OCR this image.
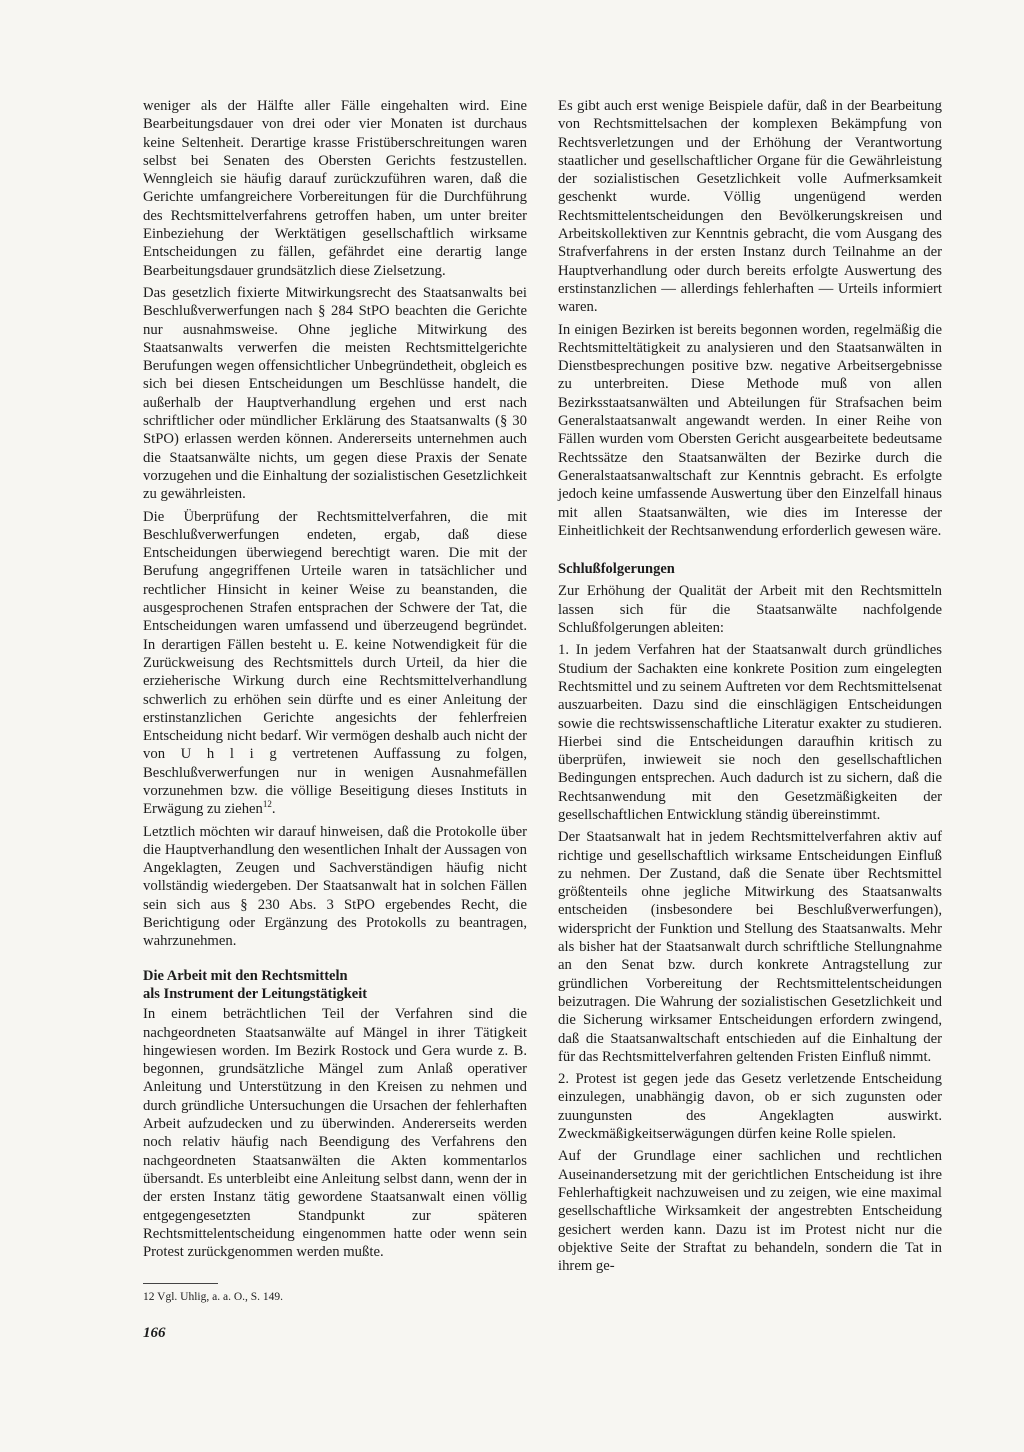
weniger als der Hälfte aller Fälle eingehalten wird. Eine Bearbeitungsdauer von drei oder vier Monaten ist durchaus keine Seltenheit. Derartige krasse Fristüberschreitungen waren selbst bei Senaten des Obersten Gerichts festzustellen. Wenngleich sie häufig darauf zurückzuführen waren, daß die Gerichte umfangreichere Vorbereitungen für die Durchführung des Rechtsmittelverfahrens getroffen haben, um unter breiter Einbeziehung der Werktätigen gesellschaftlich wirksame Entscheidungen zu fällen, gefährdet eine derartig lange Bearbeitungsdauer grundsätzlich diese Zielsetzung.

Das gesetzlich fixierte Mitwirkungsrecht des Staatsanwalts bei Beschlußverwerfungen nach § 284 StPO beachten die Gerichte nur ausnahmsweise. Ohne jegliche Mitwirkung des Staatsanwalts verwerfen die meisten Rechtsmittelgerichte Berufungen wegen offensichtlicher Unbegründetheit, obgleich es sich bei diesen Entscheidungen um Beschlüsse handelt, die außerhalb der Hauptverhandlung ergehen und erst nach schriftlicher oder mündlicher Erklärung des Staatsanwalts (§ 30 StPO) erlassen werden können. Andererseits unternehmen auch die Staatsanwälte nichts, um gegen diese Praxis der Senate vorzugehen und die Einhaltung der sozialistischen Gesetzlichkeit zu gewährleisten.

Die Überprüfung der Rechtsmittelverfahren, die mit Beschlußverwerfungen endeten, ergab, daß diese Entscheidungen überwiegend berechtigt waren. Die mit der Berufung angegriffenen Urteile waren in tatsächlicher und rechtlicher Hinsicht in keiner Weise zu beanstanden, die ausgesprochenen Strafen entsprachen der Schwere der Tat, die Entscheidungen waren umfassend und überzeugend begründet. In derartigen Fällen besteht u. E. keine Notwendigkeit für die Zurückweisung des Rechtsmittels durch Urteil, da hier die erzieherische Wirkung durch eine Rechtsmittelverhandlung schwerlich zu erhöhen sein dürfte und es einer Anleitung der erstinstanzlichen Gerichte angesichts der fehlerfreien Entscheidung nicht bedarf. Wir vermögen deshalb auch nicht der von U h l i g vertretenen Auffassung zu folgen, Beschlußverwerfungen nur in wenigen Ausnahmefällen vorzunehmen bzw. die völlige Beseitigung dieses Instituts in Erwägung zu ziehen$^{12}$.

Letztlich möchten wir darauf hinweisen, daß die Protokolle über die Hauptverhandlung den wesentlichen Inhalt der Aussagen von Angeklagten, Zeugen und Sachverständigen häufig nicht vollständig wiedergeben. Der Staatsanwalt hat in solchen Fällen sein sich aus § 230 Abs. 3 StPO ergebendes Recht, die Berichtigung oder Ergänzung des Protokolls zu beantragen, wahrzunehmen.

Die Arbeit mit den Rechtsmitteln
als Instrument der Leitungstätigkeit

In einem beträchtlichen Teil der Verfahren sind die nachgeordneten Staatsanwälte auf Mängel in ihrer Tätigkeit hingewiesen worden. Im Bezirk Rostock und Gera wurde z. B. begonnen, grundsätzliche Mängel zum Anlaß operativer Anleitung und Unterstützung in den Kreisen zu nehmen und durch gründliche Untersuchungen die Ursachen der fehlerhaften Arbeit aufzudecken und zu überwinden. Andererseits werden noch relativ häufig nach Beendigung des Verfahrens den nachgeordneten Staatsanwälten die Akten kommentarlos übersandt. Es unterbleibt eine Anleitung selbst dann, wenn der in der ersten Instanz tätig gewordene Staatsanwalt einen völlig entgegengesetzten Standpunkt zur späteren Rechtsmittelentscheidung eingenommen hatte oder wenn sein Protest zurückgenommen werden mußte.

12 Vgl. Uhlig, a. a. O., S. 149.
166

Es gibt auch erst wenige Beispiele dafür, daß in der Bearbeitung von Rechtsmittelsachen der komplexen Bekämpfung von Rechtsverletzungen und der Erhöhung der Verantwortung staatlicher und gesellschaftlicher Organe für die Gewährleistung der sozialistischen Gesetzlichkeit volle Aufmerksamkeit geschenkt wurde. Völlig ungenügend werden Rechtsmittelentscheidungen den Bevölkerungskreisen und Arbeitskollektiven zur Kenntnis gebracht, die vom Ausgang des Strafverfahrens in der ersten Instanz durch Teilnahme an der Hauptverhandlung oder durch bereits erfolgte Auswertung des erstinstanzlichen — allerdings fehlerhaften — Urteils informiert waren.

In einigen Bezirken ist bereits begonnen worden, regelmäßig die Rechtsmitteltätigkeit zu analysieren und den Staatsanwälten in Dienstbesprechungen positive bzw. negative Arbeitsergebnisse zu unterbreiten. Diese Methode muß von allen Bezirksstaatsanwälten und Abteilungen für Strafsachen beim Generalstaatsanwalt angewandt werden. In einer Reihe von Fällen wurden vom Obersten Gericht ausgearbeitete bedeutsame Rechtssätze den Staatsanwälten der Bezirke durch die Generalstaatsanwaltschaft zur Kenntnis gebracht. Es erfolgte jedoch keine umfassende Auswertung über den Einzelfall hinaus mit allen Staatsanwälten, wie dies im Interesse der Einheitlichkeit der Rechtsanwendung erforderlich gewesen wäre.

Schlußfolgerungen

Zur Erhöhung der Qualität der Arbeit mit den Rechtsmitteln lassen sich für die Staatsanwälte nachfolgende Schlußfolgerungen ableiten:

1. In jedem Verfahren hat der Staatsanwalt durch gründliches Studium der Sachakten eine konkrete Position zum eingelegten Rechtsmittel und zu seinem Auftreten vor dem Rechtsmittelsenat auszuarbeiten. Dazu sind die einschlägigen Entscheidungen sowie die rechtswissenschaftliche Literatur exakter zu studieren. Hierbei sind die Entscheidungen daraufhin kritisch zu überprüfen, inwieweit sie noch den gesellschaftlichen Bedingungen entsprechen. Auch dadurch ist zu sichern, daß die Rechtsanwendung mit den Gesetzmäßigkeiten der gesellschaftlichen Entwicklung ständig übereinstimmt.

Der Staatsanwalt hat in jedem Rechtsmittelverfahren aktiv auf richtige und gesellschaftlich wirksame Entscheidungen Einfluß zu nehmen. Der Zustand, daß die Senate über Rechtsmittel größtenteils ohne jegliche Mitwirkung des Staatsanwalts entscheiden (insbesondere bei Beschlußverwerfungen), widerspricht der Funktion und Stellung des Staatsanwalts. Mehr als bisher hat der Staatsanwalt durch schriftliche Stellungnahme an den Senat bzw. durch konkrete Antragstellung zur gründlichen Vorbereitung der Rechtsmittelentscheidungen beizutragen. Die Wahrung der sozialistischen Gesetzlichkeit und die Sicherung wirksamer Entscheidungen erfordern zwingend, daß die Staatsanwaltschaft entschieden auf die Einhaltung der für das Rechtsmittelverfahren geltenden Fristen Einfluß nimmt.

2. Protest ist gegen jede das Gesetz verletzende Entscheidung einzulegen, unabhängig davon, ob er sich zugunsten oder zuungunsten des Angeklagten auswirkt. Zweckmäßigkeitserwägungen dürfen keine Rolle spielen.

Auf der Grundlage einer sachlichen und rechtlichen Auseinandersetzung mit der gerichtlichen Entscheidung ist ihre Fehlerhaftigkeit nachzuweisen und zu zeigen, wie eine maximal gesellschaftliche Wirksamkeit der angestrebten Entscheidung gesichert werden kann. Dazu ist im Protest nicht nur die objektive Seite der Straftat zu behandeln, sondern die Tat in ihrem ge-
